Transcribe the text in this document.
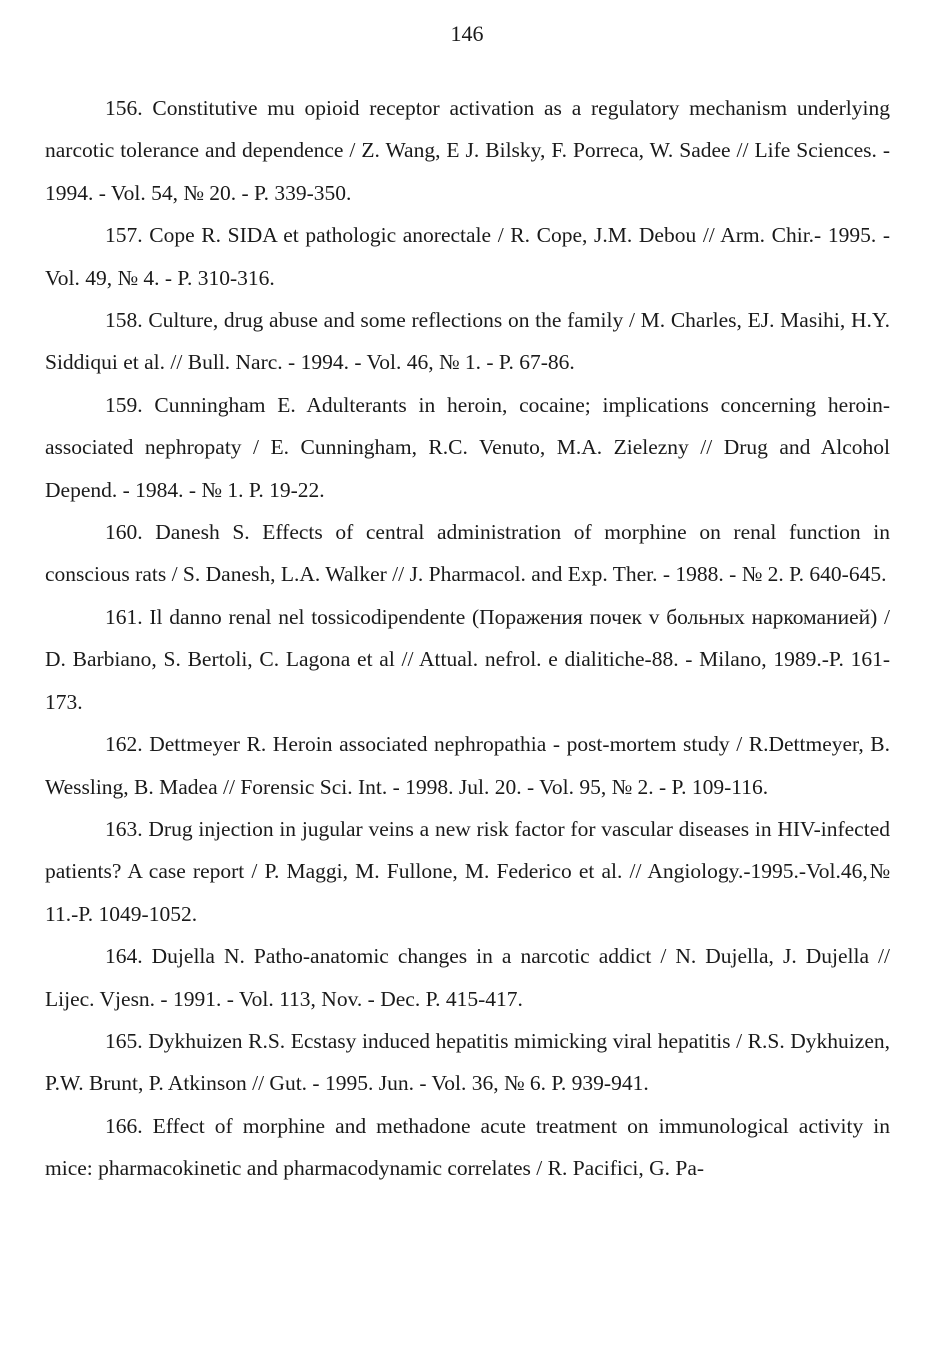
146

156. Constitutive mu opioid receptor activation as a regulatory mechanism underlying narcotic tolerance and dependence / Z. Wang, E J. Bilsky, F. Porreca, W. Sadee // Life Sciences. - 1994. - Vol. 54, № 20. - P. 339-350.

157. Cope R. SIDA et pathologic anorectale / R. Cope, J.M. Debou // Arm. Chir.- 1995. - Vol. 49, № 4. - P. 310-316.

158. Culture, drug abuse and some reflections on the family / M. Charles, EJ. Masihi, H.Y. Siddiqui et al. // Bull. Narc. - 1994. - Vol. 46, № 1. - P. 67-86.

159. Cunningham E. Adulterants in heroin, cocaine; implications concerning heroin-associated nephropaty / E. Cunningham, R.C. Venuto, M.A. Zielezny // Drug and Alcohol Depend. - 1984. - № 1. P. 19-22.

160. Danesh S. Effects of central administration of morphine on renal function in conscious rats / S. Danesh, L.A. Walker // J. Pharmacol. and Exp. Ther. - 1988. - № 2. P. 640-645.

161. Il danno renal nel tossicodipendente (Поражения почек v больных наркоманией) / D. Barbiano, S. Bertoli, C. Lagona et al // Attual. nefrol. e dialitiche-88. - Milano, 1989.-P. 161-173.

162. Dettmeyer R. Heroin associated nephropathia - post-mortem study / R.Dettmeyer, B. Wessling, B. Madea // Forensic Sci. Int. - 1998. Jul. 20. - Vol. 95, № 2. - P. 109-116.

163. Drug injection in jugular veins a new risk factor for vascular diseases in HIV-infected patients? A case report / P. Maggi, M. Fullone, M. Federico et al. // Angiology.-1995.-Vol.46,№ 11.-P. 1049-1052.

164. Dujella N. Patho-anatomic changes in a narcotic addict / N. Dujella, J. Dujella // Lijec. Vjesn. - 1991. - Vol. 113, Nov. - Dec. P. 415-417.

165. Dykhuizen R.S. Ecstasy induced hepatitis mimicking viral hepatitis / R.S. Dykhuizen, P.W. Brunt, P. Atkinson // Gut. - 1995. Jun. - Vol. 36, № 6. P. 939-941.

166. Effect of morphine and methadone acute treatment on immunological activity in mice: pharmacokinetic and pharmacodynamic correlates / R. Pacifici, G. Pa-
